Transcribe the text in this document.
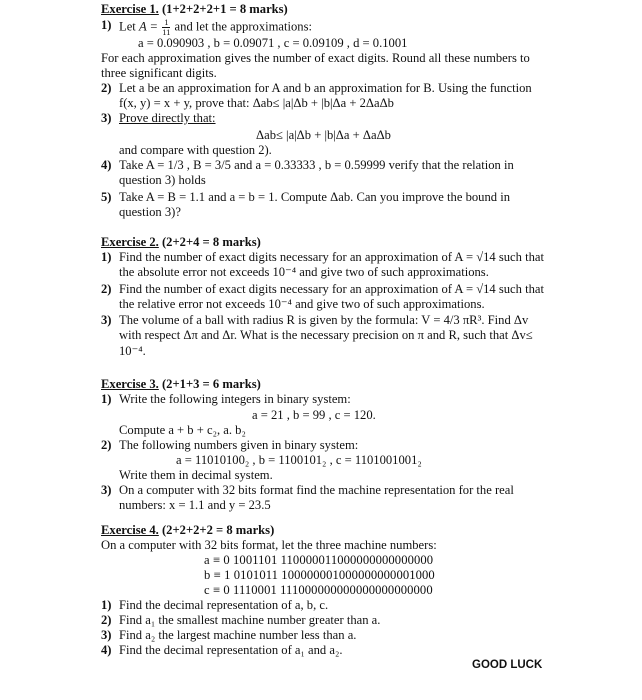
Exercise 1. (1+2+2+2+1 = 8 marks)
1) Let $A = \frac{1}{11}$ and let the approximations:
a = 0.090903 , b = 0.09071 , c = 0.09109 , d = 0.1001
For each approximation gives the number of exact digits. Round all these numbers to three significant digits.
2) Let a be an approximation for A and b an approximation for B. Using the function f(x, y) = x + y, prove that: Δab≤ |a|Δb + |b|Δa + 2ΔaΔb
3) Prove directly that:
Δab≤ |a|Δb + |b|Δa + ΔaΔb
and compare with question 2).
4) Take A = 1/3 , B = 3/5 and a = 0.33333 , b = 0.59999 verify that the relation in question 3) holds
5) Take A = B = 1.1 and a = b = 1. Compute Δab. Can you improve the bound in question 3)?
Exercise 2. (2+2+4 = 8 marks)
1) Find the number of exact digits necessary for an approximation of A = √14 such that the absolute error not exceeds 10⁻⁴ and give two of such approximations.
2) Find the number of exact digits necessary for an approximation of A = √14 such that the relative error not exceeds 10⁻⁴ and give two of such approximations.
3) The volume of a ball with radius R is given by the formula: V = 4/3 πR³. Find Δv with respect Δπ and Δr. What is the necessary precision on π and R, such that Δv≤ 10⁻⁴.
Exercise 3. (2+1+3 = 6 marks)
1) Write the following integers in binary system:
a = 21 , b = 99 , c = 120.
Compute a + b + c₂, a. b₂
2) The following numbers given in binary system:
a = 11010100₂ , b = 1100101₂ , c = 1101001001₂
Write them in decimal system.
3) On a computer with 32 bits format find the machine representation for the real numbers: x = 1.1 and y = 23.5
Exercise 4. (2+2+2+2 = 8 marks)
On a computer with 32 bits format, let the three machine numbers:
a ≡ 0 1001101 110000011000000000000000
b ≡ 1 0101011 100000001000000000001000
c ≡ 0 1110001 111000000000000000000000
1) Find the decimal representation of a, b, c.
2) Find a₁ the smallest machine number greater than a.
3) Find a₂ the largest machine number less than a.
4) Find the decimal representation of a₁ and a₂.
GOOD LUCK
